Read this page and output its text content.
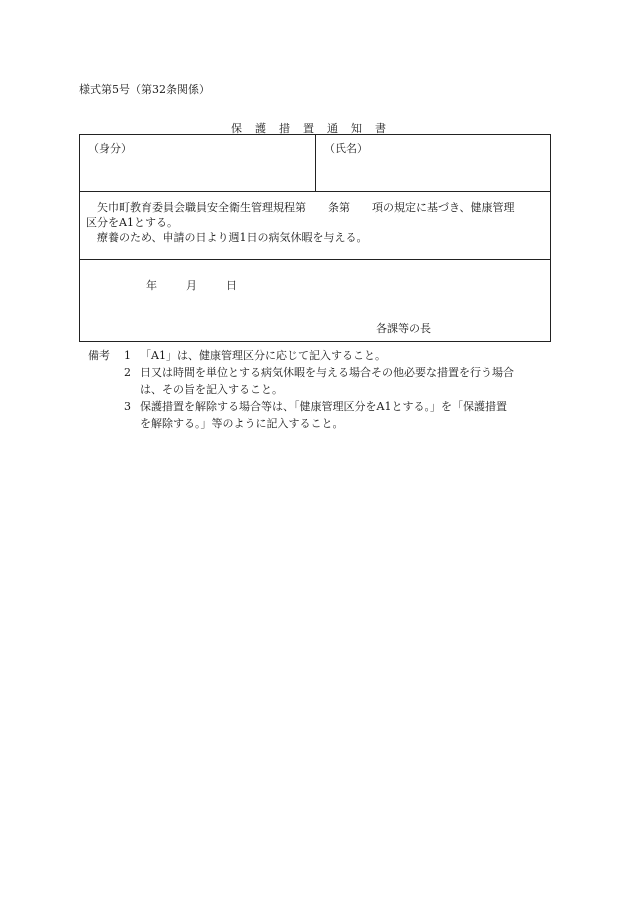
様式第5号（第32条関係）
保護措置通知書
（身分）	（氏名）
矢巾町教育委員会職員安全衛生管理規程第　　条第　　項の規定に基づき、健康管理
区分をA1とする。
療養のため、申請の日より週1日の病気休暇を与える。
年	月	日
各課等の長
備考 1 「A1」は、健康管理区分に応じて記入すること。
2 日又は時間を単位とする病気休暇を与える場合その他必要な措置を行う場合
は、その旨を記入すること。
3 保護措置を解除する場合等は、「健康管理区分をA1とする。」を「保護措置
を解除する。」等のように記入すること。
